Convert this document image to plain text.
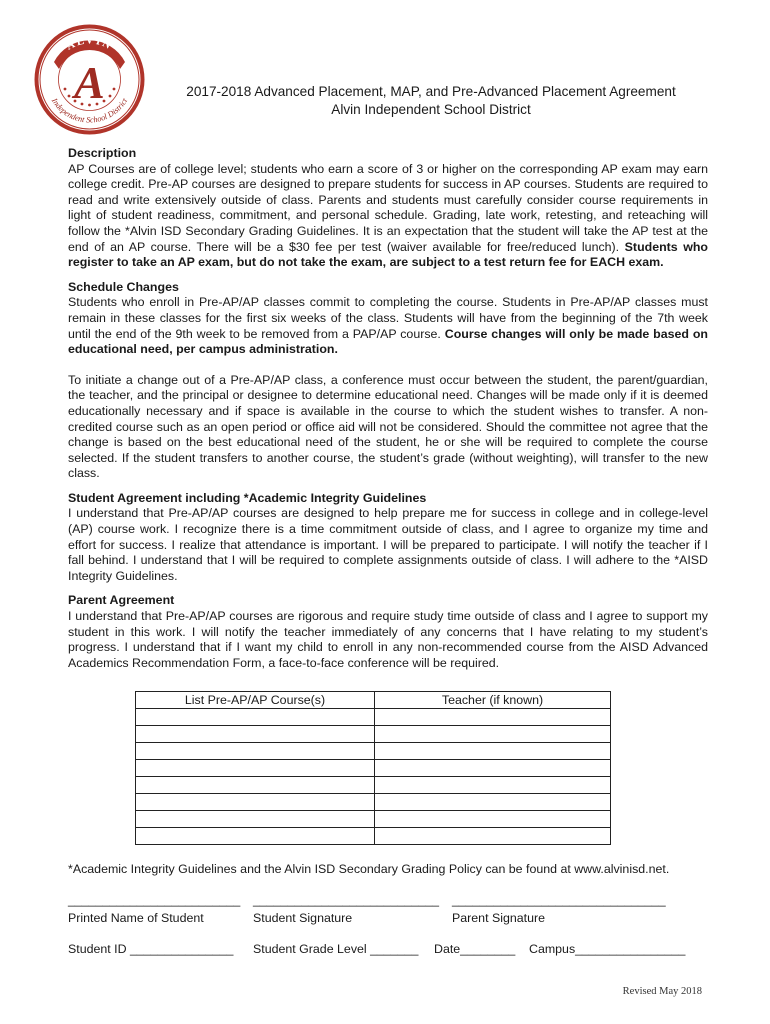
ALVIN
A
Independent School District
2017-2018 Advanced Placement, MAP, and Pre-Advanced Placement Agreement
Alvin Independent School District
Description

AP Courses are of college level; students who earn a score of 3 or higher on the corresponding AP exam may earn college credit. Pre-AP courses are designed to prepare students for success in AP courses. Students are required to read and write extensively outside of class. Parents and students must carefully consider course requirements in light of student readiness, commitment, and personal schedule. Grading, late work, retesting, and reteaching will follow the *Alvin ISD Secondary Grading Guidelines. It is an expectation that the student will take the AP test at the end of an AP course. There will be a $30 fee per test (waiver available for free/reduced lunch). Students who register to take an AP exam, but do not take the exam, are subject to a test return fee for EACH exam.

Schedule Changes

Students who enroll in Pre-AP/AP classes commit to completing the course. Students in Pre-AP/AP classes must remain in these classes for the first six weeks of the class. Students will have from the beginning of the 7th week until the end of the 9th week to be removed from a PAP/AP course. Course changes will only be made based on educational need, per campus administration.

To initiate a change out of a Pre-AP/AP class, a conference must occur between the student, the parent/guardian, the teacher, and the principal or designee to determine educational need. Changes will be made only if it is deemed educationally necessary and if space is available in the course to which the student wishes to transfer. A non-credited course such as an open period or office aid will not be considered. Should the committee not agree that the change is based on the best educational need of the student, he or she will be required to complete the course selected. If the student transfers to another course, the student’s grade (without weighting), will transfer to the new class.

Student Agreement including *Academic Integrity Guidelines

I understand that Pre-AP/AP courses are designed to help prepare me for success in college and in college-level (AP) course work. I recognize there is a time commitment outside of class, and I agree to organize my time and effort for success. I realize that attendance is important. I will be prepared to participate. I will notify the teacher if I fall behind. I understand that I will be required to complete assignments outside of class. I will adhere to the *AISD Integrity Guidelines.

Parent Agreement

I understand that Pre-AP/AP courses are rigorous and require study time outside of class and I agree to support my student in this work. I will notify the teacher immediately of any concerns that I have relating to my student’s progress. I understand that if I want my child to enroll in any non-recommended course from the AISD Advanced Academics Recommendation Form, a face-to-face conference will be required.

List Pre-AP/AP Course(s)	Teacher (if known)

*Academic Integrity Guidelines and the Alvin ISD Secondary Grading Policy can be found at www.alvinisd.net.
_________________________ ___________________________ _______________________________
Printed Name of Student	Student Signature	Parent Signature
Student ID _______________ Student Grade Level _______ Date________ Campus________________
Revised May 2018
